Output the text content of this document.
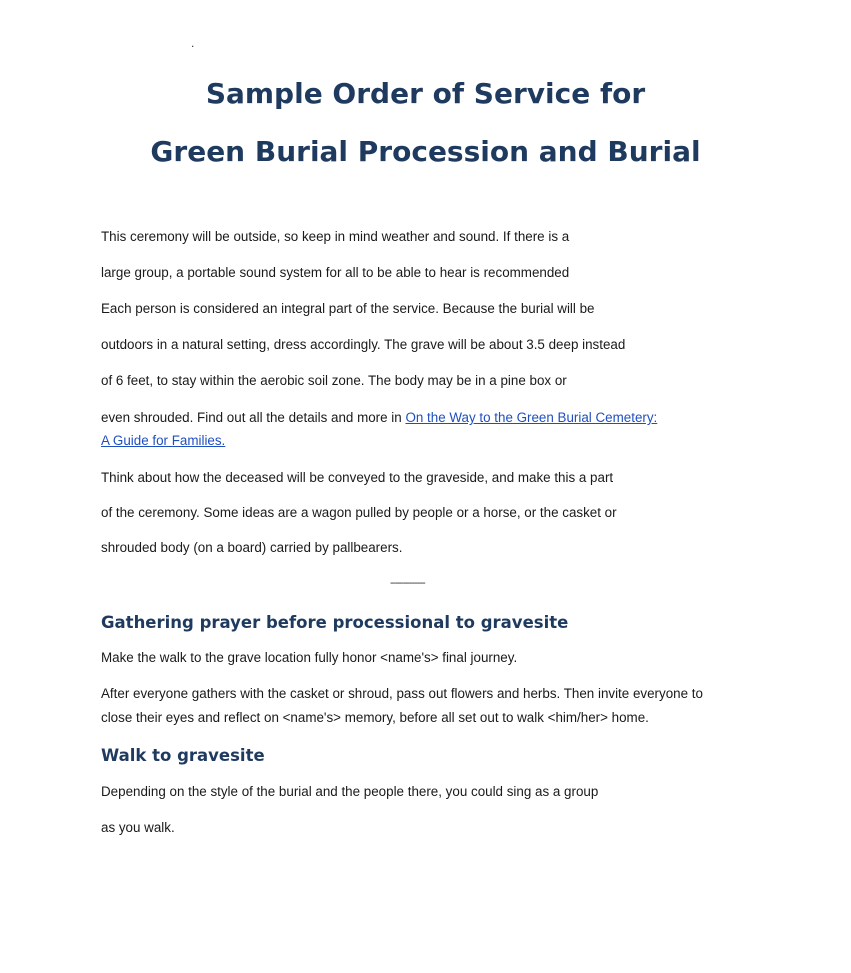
.
Sample Order of Service for
Green Burial Procession and Burial

This ceremony will be outside, so keep in mind weather and sound. If there is a

large group, a portable sound system for all to be able to hear is recommended

Each person is considered an integral part of the service. Because the burial will be

outdoors in a natural setting, dress accordingly. The grave will be about 3.5 deep instead

of 6 feet, to stay within the aerobic soil zone. The body may be in a pine box or

even shrouded. Find out all the details and more in On the Way to the Green Burial Cemetery:

A Guide for Families.

Think about how the deceased will be conveyed to the graveside, and make this a part

of the ceremony. Some ideas are a wagon pulled by people or a horse, or the casket or

shrouded body (on a board) carried by pallbearers.

-------------
Gathering prayer before processional to gravesite

Make the walk to the grave location fully honor <name's> final journey.

After everyone gathers with the casket or shroud, pass out flowers and herbs. Then invite everyone to

close their eyes and reflect on <name's> memory, before all set out to walk <him/her> home.

Walk to gravesite

Depending on the style of the burial and the people there, you could sing as a group

as you walk.
